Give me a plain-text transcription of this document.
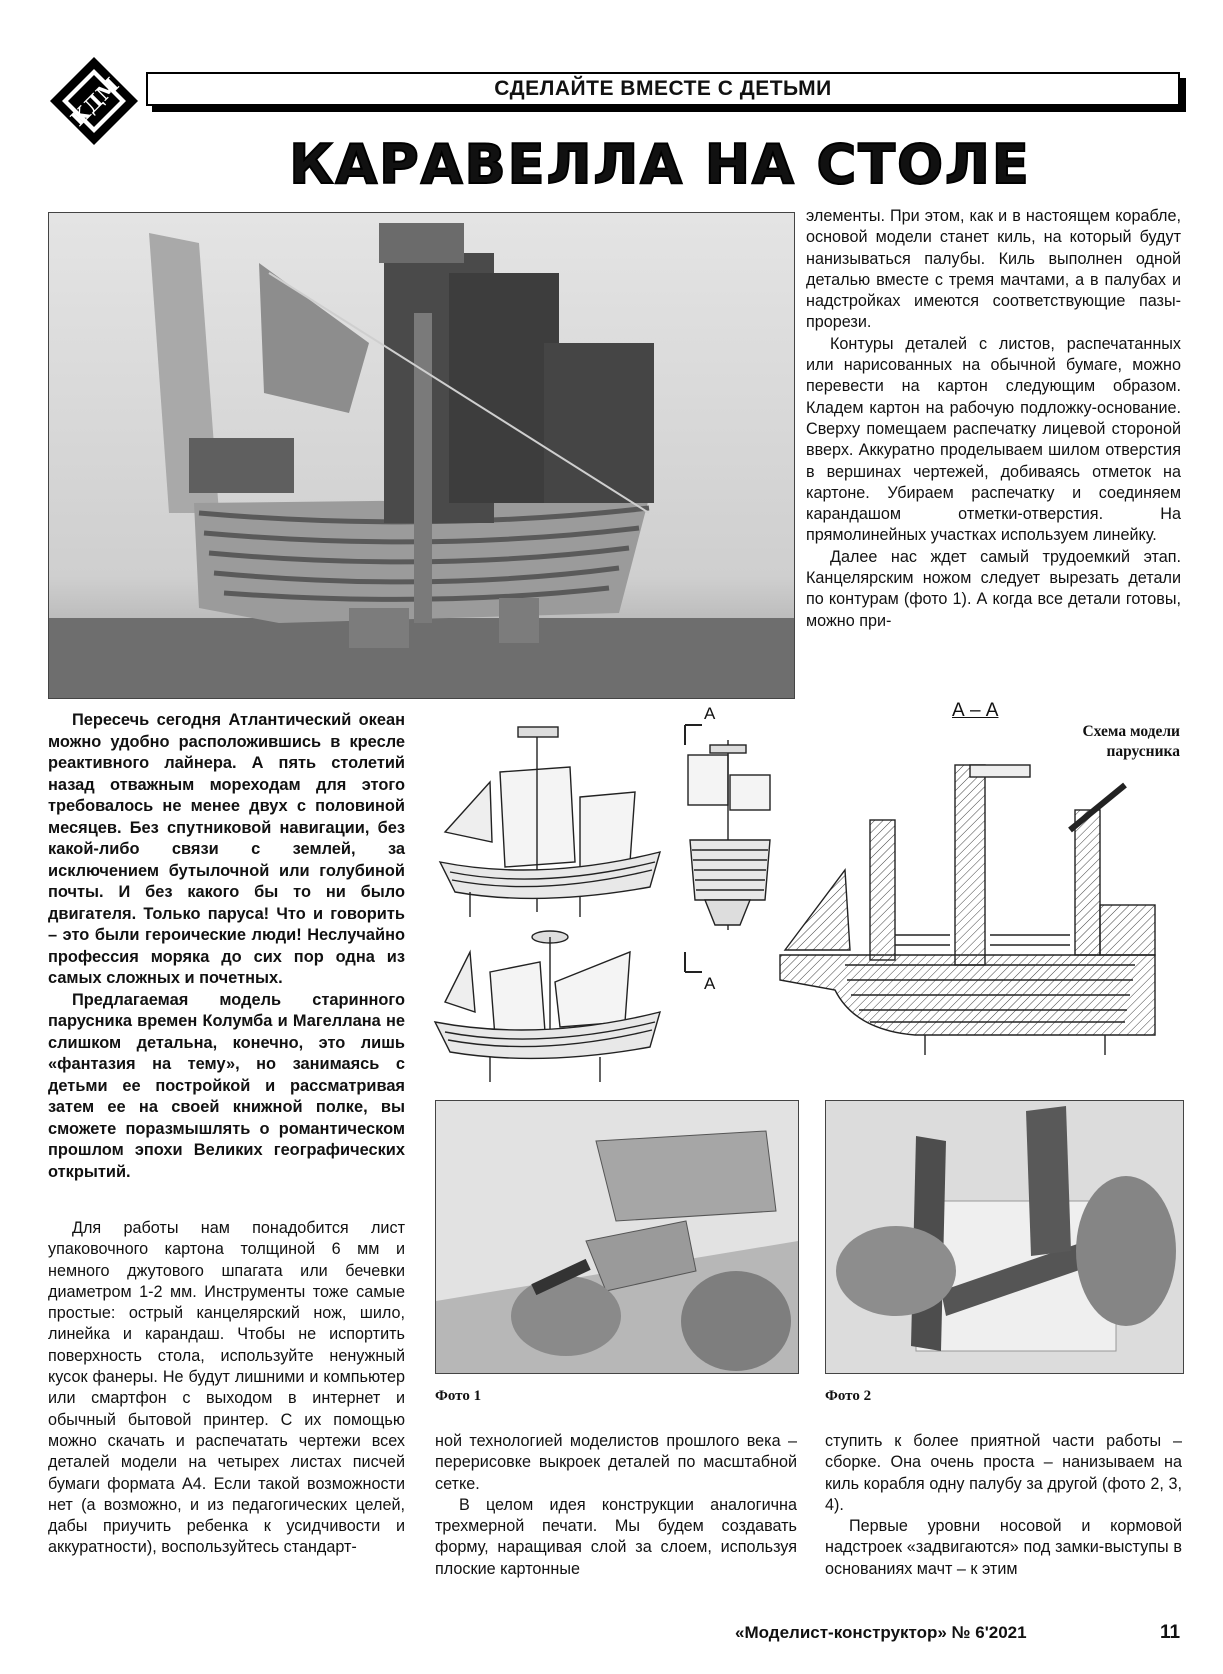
КДМ	СДЕЛАЙТЕ ВМЕСТЕ С ДЕТЬМИ
КАРАВЕЛЛА НА СТОЛЕ

элементы. При этом, как и в настоящем корабле, основой модели станет киль, на который будут нанизываться палубы. Киль выполнен одной деталью вместе с тремя мачтами, а в палубах и надстройках имеются соответствующие пазы-прорези.

Контуры деталей с листов, распечатанных или нарисованных на обычной бумаге, можно перевести на картон следующим образом. Кладем картон на рабочую подложку-основание. Сверху помещаем распечатку лицевой стороной вверх. Аккуратно проделываем шилом отверстия в вершинах чертежей, добиваясь отметок на картоне. Убираем распечатку и соединяем карандашом отметки-отверстия. На прямолинейных участках используем линейку.

Далее нас ждет самый трудоемкий этап. Канцелярским ножом следует вырезать детали по контурам (фото 1). А когда все детали готовы, можно при-

Пересечь сегодня Атлантический океан можно удобно расположившись в кресле реактивного лайнера. А пять столетий назад отважным мореходам для этого требовалось не менее двух с половиной месяцев. Без спутниковой навигации, без какой-либо связи с землей, за исключением бутылочной или голубиной почты. И без какого бы то ни было двигателя. Только паруса! Что и говорить – это были героические люди! Неслучайно профессия моряка до сих пор одна из самых сложных и почетных.

Предлагаемая модель старинного парусника времен Колумба и Магеллана не слишком детальна, конечно, это лишь «фантазия на тему», но занимаясь с детьми ее постройкой и рассматривая затем ее на своей книжной полке, вы сможете поразмышлять о романтическом прошлом эпохи Великих географических открытий.

A
A
А – А
Схема модели
парусника
Фото 1	Фото 2

Для работы нам понадобится лист упаковочного картона толщиной 6 мм и немного джутового шпагата или бечевки диаметром 1-2 мм. Инструменты тоже самые простые: острый канцелярский нож, шило, линейка и карандаш. Чтобы не испортить поверхность стола, используйте ненужный кусок фанеры. Не будут лишними и компьютер или смартфон с выходом в интернет и обычный бытовой принтер. С их помощью можно скачать и распечатать чертежи всех деталей модели на четырех листах писчей бумаги формата А4. Если такой возможности нет (а возможно, и из педагогических целей, дабы приучить ребенка к усидчивости и аккуратности), воспользуйтесь стандарт-

ной технологией моделистов прошлого века – перерисовке выкроек деталей по масштабной сетке.

В целом идея конструкции аналогична трехмерной печати. Мы будем создавать форму, наращивая слой за слоем, используя плоские картонные

ступить к более приятной части работы – сборке. Она очень проста – нанизываем на киль корабля одну палубу за другой (фото 2, 3, 4).

Первые уровни носовой и кормовой надстроек «задвигаются» под замки-выступы в основаниях мачт – к этим

«Моделист-конструктор» № 6'2021	11
